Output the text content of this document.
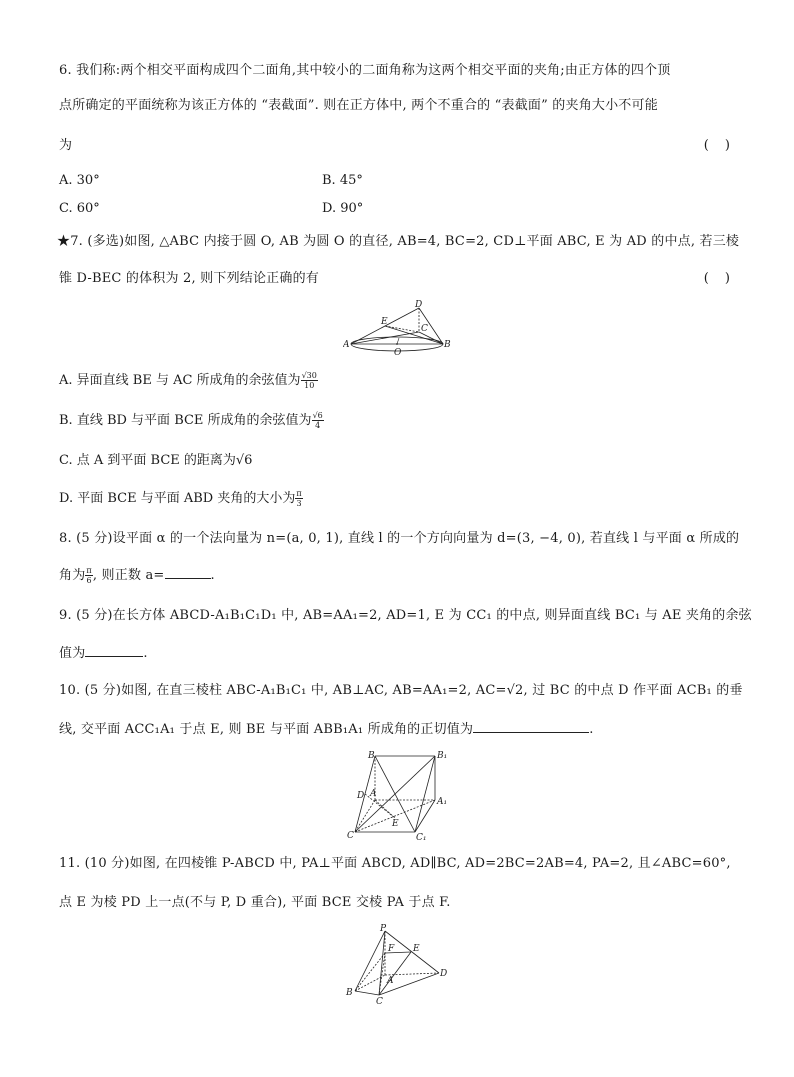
6. 我们称:两个相交平面构成四个二面角,其中较小的二面角称为这两个相交平面的夹角;由正方体的四个顶
点所确定的平面统称为该正方体的 “表截面”. 则在正方体中, 两个不重合的 “表截面” 的夹角大小不可能
为	( )
A. 30°	B. 45°
C. 60°	D. 90°
★7. (多选)如图, △ABC 内接于圆 O, AB 为圆 O 的直径, AB=4, BC=2, CD⊥平面 ABC, E 为 AD 的中点, 若三棱
锥 D-BEC 的体积为 2, 则下列结论正确的有	( )
D
E
C
A
O
B
A. 异面直线 BE 与 AC 所成角的余弦值为 $\frac{√30}{10}$
B. 直线 BD 与平面 BCE 所成角的余弦值为 $\frac{√6}{4}$
C. 点 A 到平面 BCE 的距离为√6
D. 平面 BCE 与平面 ABD 夹角的大小为 $\frac{\pi}{3}$
8. (5 分)设平面 α 的一个法向量为 n=(a, 0, 1), 直线 l 的一个方向向量为 d=(3, −4, 0), 若直线 l 与平面 α 所成的
角为 $\frac{\pi}{6}$ , 则正数 a=	.
9. (5 分)在长方体 ABCD-A₁B₁C₁D₁ 中, AB=AA₁=2, AD=1, E 为 CC₁ 的中点, 则异面直线 BC₁ 与 AE 夹角的余弦
值为	.
10. (5 分)如图, 在直三棱柱 ABC-A₁B₁C₁ 中, AB⊥AC, AB=AA₁=2, AC=√2, 过 BC 的中点 D 作平面 ACB₁ 的垂
线, 交平面 ACC₁A₁ 于点 E, 则 BE 与平面 ABB₁A₁ 所成角的正切值为	.
B	B₁
D A
A₁
E
C	C₁
11. (10 分)如图, 在四棱锥 P-ABCD 中, PA⊥平面 ABCD, AD∥BC, AD=2BC=2AB=4, PA=2, 且∠ABC=60°,
点 E 为棱 PD 上一点(不与 P, D 重合), 平面 BCE 交棱 PA 于点 F.
P
F E
A
D
B
C
